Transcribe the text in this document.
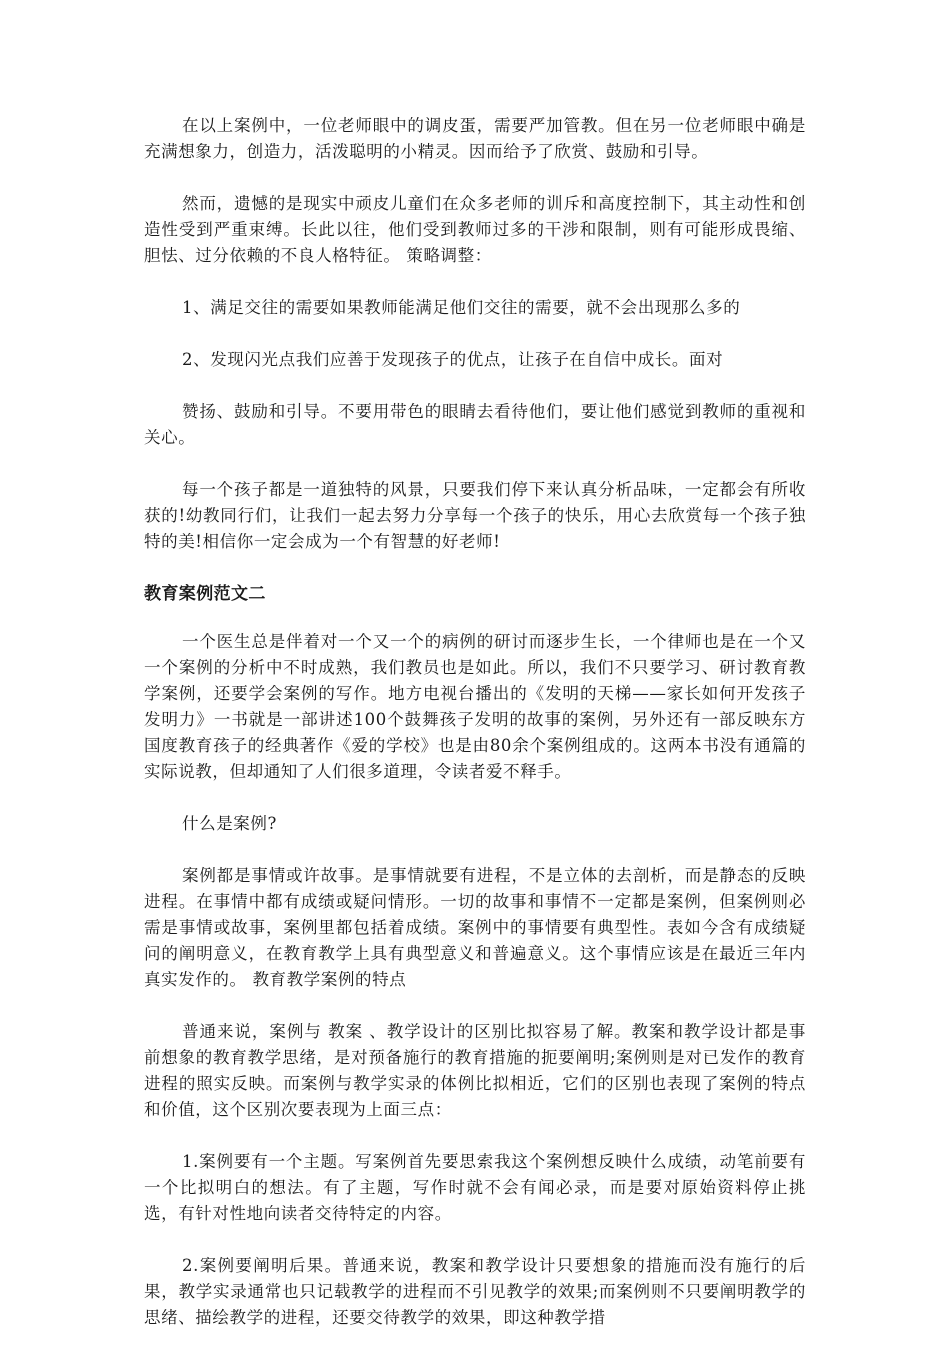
在以上案例中，一位老师眼中的调皮蛋，需要严加管教。但在另一位老师眼中确是充满想象力，创造力，活泼聪明的小精灵。因而给予了欣赏、鼓励和引导。

然而，遗憾的是现实中顽皮儿童们在众多老师的训斥和高度控制下，其主动性和创造性受到严重束缚。长此以往，他们受到教师过多的干涉和限制，则有可能形成畏缩、胆怯、过分依赖的不良人格特征。 策略调整：

1、满足交往的需要如果教师能满足他们交往的需要，就不会出现那么多的

2、发现闪光点我们应善于发现孩子的优点，让孩子在自信中成长。面对

赞扬、鼓励和引导。不要用带色的眼睛去看待他们，要让他们感觉到教师的重视和关心。

每一个孩子都是一道独特的风景，只要我们停下来认真分析品味，一定都会有所收获的!幼教同行们，让我们一起去努力分享每一个孩子的快乐，用心去欣赏每一个孩子独特的美!相信你一定会成为一个有智慧的好老师!

教育案例范文二

一个医生总是伴着对一个又一个的病例的研讨而逐步生长，一个律师也是在一个又一个案例的分析中不时成熟，我们教员也是如此。所以，我们不只要学习、研讨教育教学案例，还要学会案例的写作。地方电视台播出的《发明的天梯——家长如何开发孩子发明力》一书就是一部讲述100个鼓舞孩子发明的故事的案例，另外还有一部反映东方国度教育孩子的经典著作《爱的学校》也是由80余个案例组成的。这两本书没有通篇的实际说教，但却通知了人们很多道理，令读者爱不释手。

什么是案例?

案例都是事情或许故事。是事情就要有进程，不是立体的去剖析，而是静态的反映进程。在事情中都有成绩或疑问情形。一切的故事和事情不一定都是案例，但案例则必需是事情或故事，案例里都包括着成绩。案例中的事情要有典型性。表如今含有成绩疑问的阐明意义，在教育教学上具有典型意义和普遍意义。这个事情应该是在最近三年内真实发作的。 教育教学案例的特点

普通来说，案例与 教案 、教学设计的区别比拟容易了解。教案和教学设计都是事前想象的教育教学思绪，是对预备施行的教育措施的扼要阐明;案例则是对已发作的教育进程的照实反映。而案例与教学实录的体例比拟相近，它们的区别也表现了案例的特点和价值，这个区别次要表现为上面三点：

1.案例要有一个主题。写案例首先要思索我这个案例想反映什么成绩，动笔前要有一个比拟明白的想法。有了主题，写作时就不会有闻必录，而是要对原始资料停止挑选，有针对性地向读者交待特定的内容。

2.案例要阐明后果。普通来说，教案和教学设计只要想象的措施而没有施行的后果，教学实录通常也只记载教学的进程而不引见教学的效果;而案例则不只要阐明教学的思绪、描绘教学的进程，还要交待教学的效果，即这种教学措
